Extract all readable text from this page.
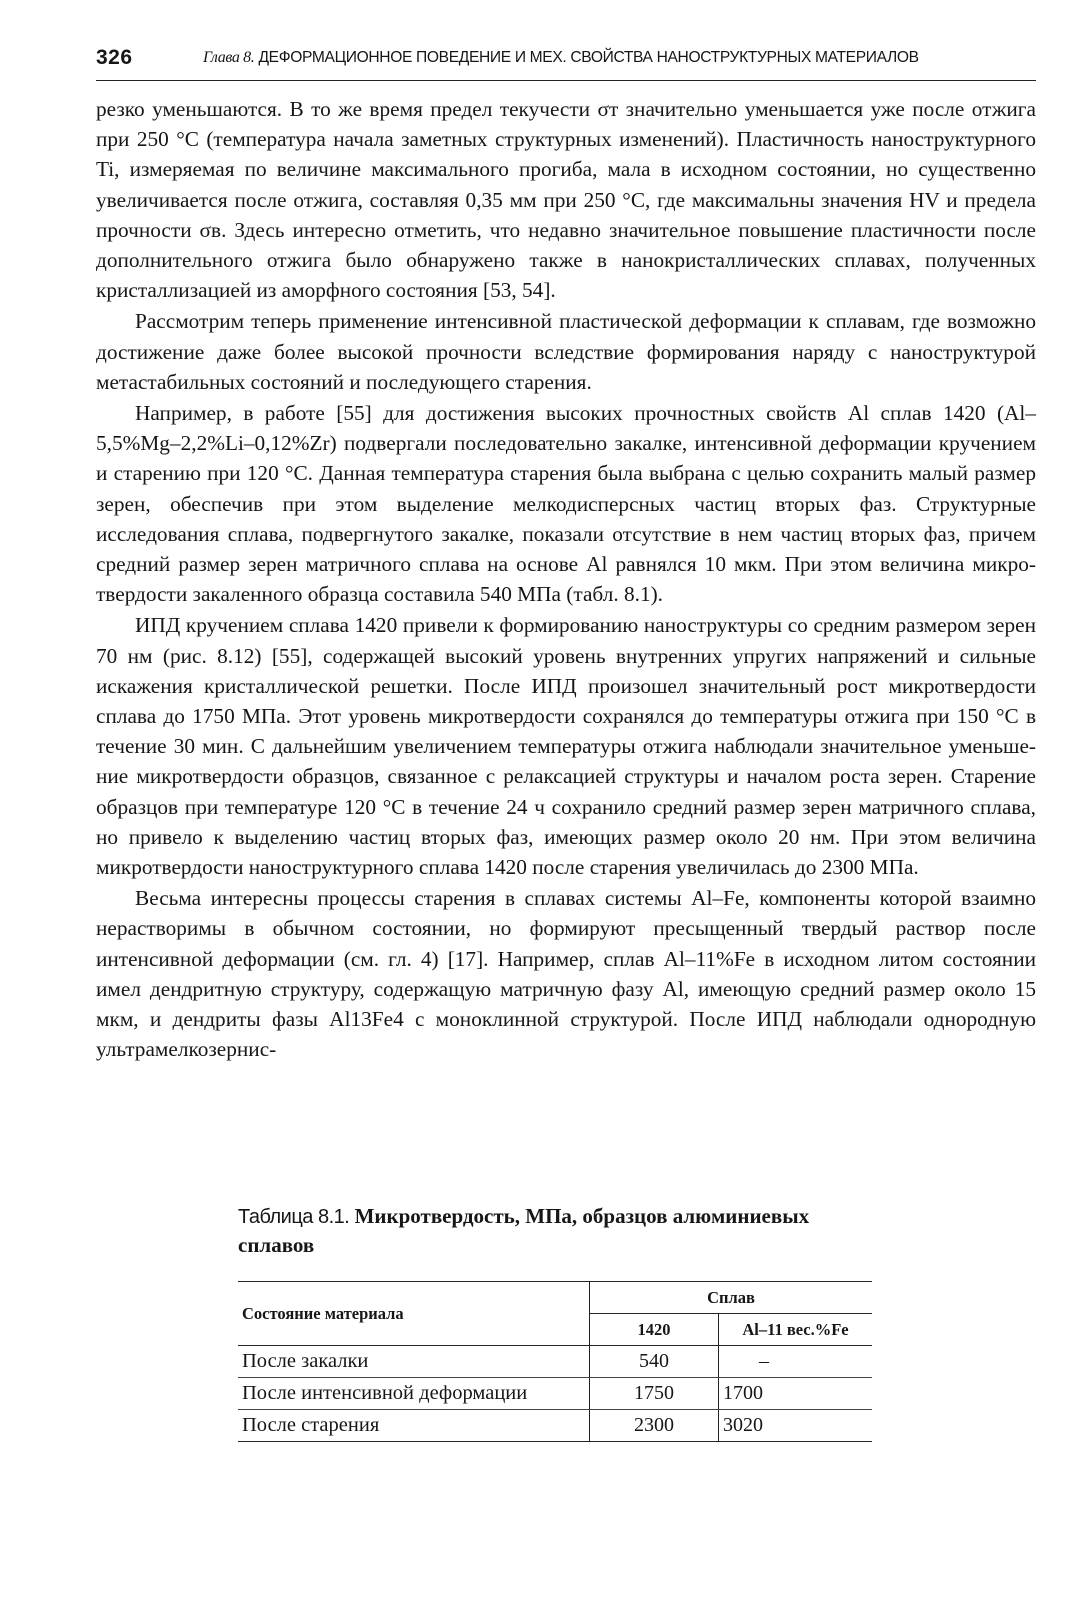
326	Глава 8. ДЕФОРМАЦИОННОЕ ПОВЕДЕНИЕ И МЕХ. СВОЙСТВА НАНОСТРУКТУРНЫХ МАТЕРИАЛОВ

резко уменьшаются. В то же время предел текучести σт значительно уменьшается уже после отжига при 250 °С (температура начала заметных структурных изменений). Пластичность наноструктурного Ti, измеряемая по величине максимального прогиба, мала в исходном состоянии, но существенно увеличивается после отжига, составляя 0,35 мм при 250 °С, где максимальны значения HV и предела прочности σв. Здесь интересно отметить, что недавно значительное повышение пластичности после дополнительного отжига было обнаружено также в нанокристаллических сплавах, полученных кристаллизацией из аморфного состояния [53, 54].

Рассмотрим теперь применение интенсивной пластической деформации к сплавам, где возможно достижение даже более высокой прочности вследствие формирования наряду с наноструктурой метастабильных состояний и последующего старения.

Например, в работе [55] для достижения высоких прочностных свойств Al сплав 1420 (Al–5,5%Mg–2,2%Li–0,12%Zr) подвергали последовательно закалке, интенсивной деформации кручением и старению при 120 °С. Данная температура старения была выбрана с целью сохранить малый размер зерен, обеспечив при этом выделение мелкодисперсных частиц вторых фаз. Структурные исследования сплава, подвергнутого закалке, показали отсутствие в нем частиц вторых фаз, причем средний размер зерен матричного сплава на основе Al равнялся 10 мкм. При этом величина микротвердости закаленного образца составила 540 МПа (табл. 8.1).

ИПД кручением сплава 1420 привели к формированию наноструктуры со средним размером зерен 70 нм (рис. 8.12) [55], содержащей высокий уровень внутренних упругих напряжений и сильные искажения кристаллической решетки. После ИПД произошел значительный рост микротвердости сплава до 1750 МПа. Этот уровень микротвердости сохранялся до температуры отжига при 150 °С в течение 30 мин. С дальнейшим увеличением температуры отжига наблюдали значительное уменьшение микротвердости образцов, связанное с релаксацией структуры и началом роста зерен. Старение образцов при температуре 120 °С в течение 24 ч сохранило средний размер зерен матричного сплава, но привело к выделению частиц вторых фаз, имеющих размер около 20 нм. При этом величина микротвердости наноструктурного сплава 1420 после старения увеличилась до 2300 МПа.

Весьма интересны процессы старения в сплавах системы Al–Fe, компоненты которой взаимно нерастворимы в обычном состоянии, но формируют пресыщенный твердый раствор после интенсивной деформации (см. гл. 4) [17]. Например, сплав Al–11%Fe в исходном литом состоянии имел дендритную структуру, содержащую матричную фазу Al, имеющую средний размер около 15 мкм, и дендриты фазы Al13Fe4 с моноклинной структурой. После ИПД наблюдали однородную ультрамелкозернис-

Таблица 8.1. Микротвердость, МПа, образцов алюминиевых сплавов

Состояние материала	Сплав	
	1420	Al–11 вес.%Fe
После закалки	540	–
После интенсивной деформации	1750	1700
После старения	2300	3020
